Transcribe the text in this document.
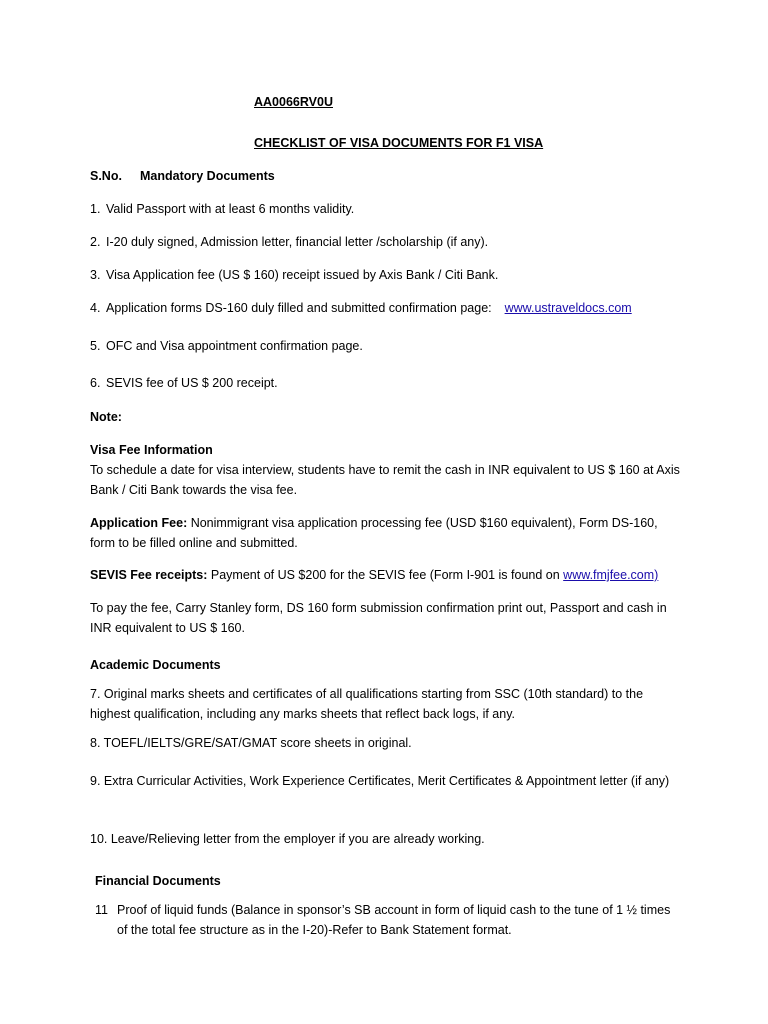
AA0066RV0U
CHECKLIST OF VISA DOCUMENTS FOR F1 VISA
S.No. Mandatory Documents
1. Valid Passport with at least 6 months validity.
2. I-20 duly signed, Admission letter, financial letter /scholarship (if any).
3. Visa Application fee (US $ 160) receipt issued by Axis Bank / Citi Bank.
4. Application forms DS-160 duly filled and submitted confirmation page: www.ustraveldocs.com
5. OFC and Visa appointment confirmation page.
6. SEVIS fee of US $ 200 receipt.
Note:
Visa Fee Information
To schedule a date for visa interview, students have to remit the cash in INR equivalent to US $ 160 at Axis Bank / Citi Bank towards the visa fee.
Application Fee: Nonimmigrant visa application processing fee (USD $160 equivalent), Form DS-160, form to be filled online and submitted.
SEVIS Fee receipts: Payment of US $200 for the SEVIS fee (Form I-901 is found on www.fmjfee.com)
To pay the fee, Carry Stanley form, DS 160 form submission confirmation print out, Passport and cash in INR equivalent to US $ 160.
Academic Documents
7. Original marks sheets and certificates of all qualifications starting from SSC (10th standard) to the highest qualification, including any marks sheets that reflect back logs, if any.
8. TOEFL/IELTS/GRE/SAT/GMAT score sheets in original.
9. Extra Curricular Activities, Work Experience Certificates, Merit Certificates & Appointment letter (if any)
10. Leave/Relieving letter from the employer if you are already working.
Financial Documents
11 Proof of liquid funds (Balance in sponsor’s SB account in form of liquid cash to the tune of 1 ½ times of the total fee structure as in the I-20)-Refer to Bank Statement format.
